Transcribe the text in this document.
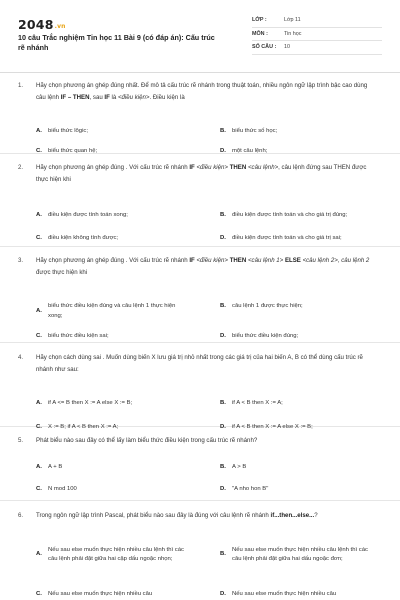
2048.vn
10 câu Trắc nghiệm Tin học 11 Bài 9 (có đáp án): Cấu trúc rẽ nhánh
LỚP :	Lớp 11
MÔN :	Tin học
SỐ CÂU :	10
1.	Hãy chọn phương án ghép đúng nhất. Để mô tả cấu trúc rẽ nhánh trong thuật toán, nhiều ngôn ngữ lập trình bậc cao dùng câu lệnh IF – THEN, sau IF là <điều kiện>. Điều kiện là
A.	biểu thức lôgic;	B.	biểu thức số học;
C.	biểu thức quan hệ;	D.	một câu lệnh;
2.	Hãy chọn phương án ghép đúng . Với cấu trúc rẽ nhánh IF <điều kiện> THEN <câu lệnh>, câu lệnh đứng sau THEN được thực hiện khi
A.	điều kiện được tính toán xong;	B.	điều kiện được tính toán và cho giá trị đúng;
C.	điều kiện không tính được;	D.	điều kiện được tính toán và cho giá trị sai;
3.	Hãy chọn phương án ghép đúng . Với cấu trúc rẽ nhánh IF <điều kiện> THEN <câu lệnh 1> ELSE <câu lệnh 2>, câu lệnh 2 được thực hiện khi
A.
biểu thức điều kiện đúng và câu lệnh 1 thực hiện xong;
B.	câu lệnh 1 được thực hiện;
C.	biểu thức điều kiện sai;	D.	biểu thức điều kiện đúng;
4.	Hãy chọn cách dùng sai . Muốn dùng biến X lưu giá trị nhỏ nhất trong các giá trị của hai biến A, B có thể dùng cấu trúc rẽ nhánh như sau:
A.	if A <= B then X := A else X := B;	B.	if A < B then X := A;
C.	X := B; if A < B then X := A;	D.	if A < B then X := A else X := B;
5.	Phát biểu nào sau đây có thể lấy làm biểu thức điều kiện trong cấu trúc rẽ nhánh?
A.	A + B	B.	A > B
C.	N mod 100	D.	"A nho hon B"
6.	Trong ngôn ngữ lập trình Pascal, phát biểu nào sau đây là đúng với câu lệnh rẽ nhánh if...then...else...?
A.
Nếu sau else muốn thực hiện nhiều câu lệnh thì các câu lệnh phải đặt giữa hai cặp dấu ngoặc nhọn;
B.
Nếu sau else muốn thực hiện nhiều câu lệnh thì các câu lệnh phải đặt giữa hai dấu ngoặc đơn;
C.	Nếu sau else muốn thực hiện nhiều câu	D.	Nếu sau else muốn thực hiện nhiều câu
